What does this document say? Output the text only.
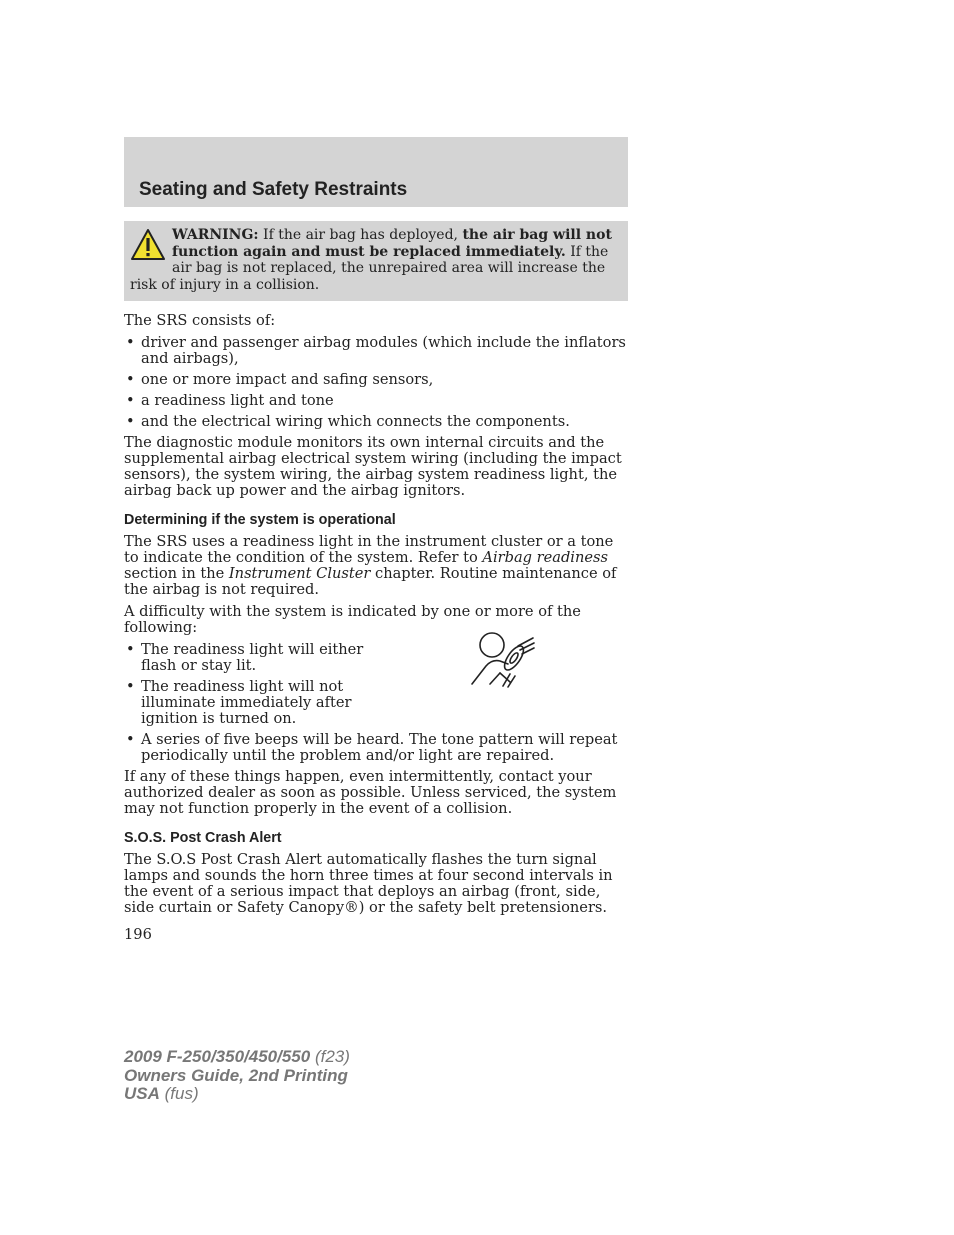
Seating and Safety Restraints
WARNING: If the air bag has deployed, the air bag will not function again and must be replaced immediately. If the air bag is not replaced, the unrepaired area will increase the risk of injury in a collision.

The SRS consists of:

• driver and passenger airbag modules (which include the inflators and airbags),
• one or more impact and safing sensors,
• a readiness light and tone
• and the electrical wiring which connects the components.

The diagnostic module monitors its own internal circuits and the supplemental airbag electrical system wiring (including the impact sensors), the system wiring, the airbag system readiness light, the airbag back up power and the airbag ignitors.

Determining if the system is operational

The SRS uses a readiness light in the instrument cluster or a tone to indicate the condition of the system. Refer to Airbag readiness section in the Instrument Cluster chapter. Routine maintenance of the airbag is not required.

A difficulty with the system is indicated by one or more of the following:

• The readiness light will either flash or stay lit.
• The readiness light will not illuminate immediately after ignition is turned on.
• A series of five beeps will be heard. The tone pattern will repeat periodically until the problem and/or light are repaired.

If any of these things happen, even intermittently, contact your authorized dealer as soon as possible. Unless serviced, the system may not function properly in the event of a collision.

S.O.S. Post Crash Alert

The S.O.S Post Crash Alert automatically flashes the turn signal lamps and sounds the horn three times at four second intervals in the event of a serious impact that deploys an airbag (front, side, side curtain or Safety Canopy®) or the safety belt pretensioners.

196
2009 F-250/350/450/550 (f23)
Owners Guide, 2nd Printing
USA (fus)
